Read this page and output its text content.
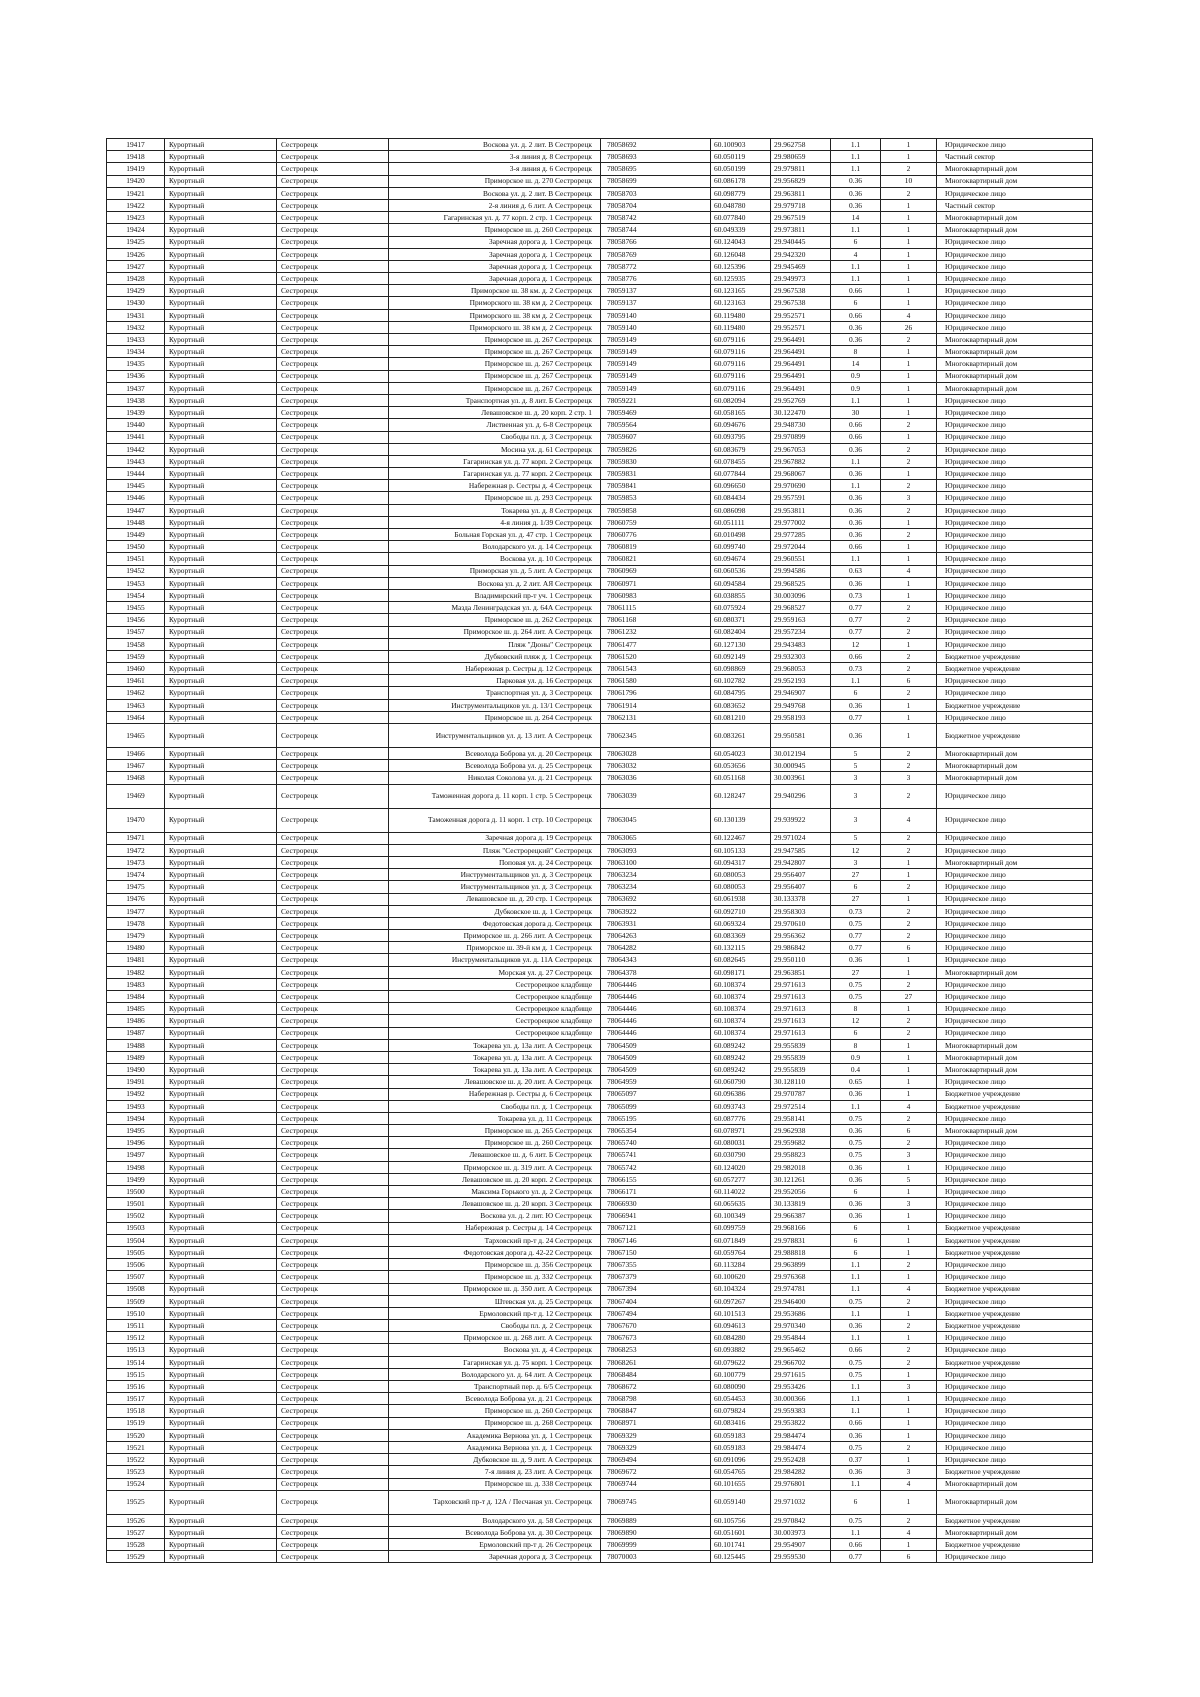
19417	Курортный	Сестрорецк	Воскова ул. д. 2 лит. В Сестрорецк	78058692	60.100903	29.962758	1.1	1	Юридическое лицо
19418	Курортный	Сестрорецк	3-я линия д. 8 Сестрорецк	78058693	60.050119	29.980659	1.1	1	Частный сектор
19419	Курортный	Сестрорецк	3-я линия д. 6 Сестрорецк	78058695	60.050199	29.979811	1.1	2	Многоквартирный дом
19420	Курортный	Сестрорецк	Приморское ш. д. 270 Сестрорецк	78058699	60.086178	29.956829	0.36	10	Многоквартирный дом
19421	Курортный	Сестрорецк	Воскова ул. д. 2 лит. В Сестрорецк	78058703	60.098779	29.963811	0.36	2	Юридическое лицо
19422	Курортный	Сестрорецк	2-я линия д. 6 лит. А Сестрорецк	78058704	60.048780	29.979718	0.36	1	Частный сектор
19423	Курортный	Сестрорецк	Гагаринская ул. д. 77 корп. 2 стр. 1 Сестрорецк	78058742	60.077840	29.967519	14	1	Многоквартирный дом
19424	Курортный	Сестрорецк	Приморское ш. д. 260 Сестрорецк	78058744	60.049339	29.973811	1.1	1	Многоквартирный дом
19425	Курортный	Сестрорецк	Заречная дорога д. 1 Сестрорецк	78058766	60.124043	29.940445	6	1	Юридическое лицо
19426	Курортный	Сестрорецк	Заречная дорога д. 1 Сестрорецк	78058769	60.126048	29.942320	4	1	Юридическое лицо
19427	Курортный	Сестрорецк	Заречная дорога д. 1 Сестрорецк	78058772	60.125396	29.945469	1.1	1	Юридическое лицо
19428	Курортный	Сестрорецк	Заречная дорога д. 1 Сестрорецк	78058776	60.125935	29.949973	1.1	1	Юридическое лицо
19429	Курортный	Сестрорецк	Приморское ш. 38 км. д. 2 Сестрорецк	78059137	60.123165	29.967538	0.66	1	Юридическое лицо
19430	Курортный	Сестрорецк	Приморского ш. 38 км д. 2 Сестрорецк	78059137	60.123163	29.967538	6	1	Юридическое лицо
19431	Курортный	Сестрорецк	Приморского ш. 38 км д. 2 Сестрорецк	78059140	60.119480	29.952571	0.66	4	Юридическое лицо
19432	Курортный	Сестрорецк	Приморского ш. 38 км д. 2 Сестрорецк	78059140	60.119480	29.952571	0.36	26	Юридическое лицо
19433	Курортный	Сестрорецк	Приморское ш. д. 267 Сестрорецк	78059149	60.079116	29.964491	0.36	2	Многоквартирный дом
19434	Курортный	Сестрорецк	Приморское ш. д. 267 Сестрорецк	78059149	60.079116	29.964491	8	1	Многоквартирный дом
19435	Курортный	Сестрорецк	Приморское ш. д. 267 Сестрорецк	78059149	60.079116	29.964491	14	1	Многоквартирный дом
19436	Курортный	Сестрорецк	Приморское ш. д. 267 Сестрорецк	78059149	60.079116	29.964491	0.9	1	Многоквартирный дом
19437	Курортный	Сестрорецк	Приморское ш. д. 267 Сестрорецк	78059149	60.079116	29.964491	0.9	1	Многоквартирный дом
19438	Курортный	Сестрорецк	Транспортная ул. д. 8 лит. Б Сестрорецк	78059221	60.082094	29.952769	1.1	1	Юридическое лицо
19439	Курортный	Сестрорецк	Левашовское ш. д. 20 корп. 2 стр. 1	78059469	60.058165	30.122470	30	1	Юридическое лицо
19440	Курортный	Сестрорецк	Лиственная ул. д. 6-8 Сестрорецк	78059564	60.094676	29.948730	0.66	2	Юридическое лицо
19441	Курортный	Сестрорецк	Свободы пл. д. 3 Сестрорецк	78059607	60.093795	29.970899	0.66	1	Юридическое лицо
19442	Курортный	Сестрорецк	Мосина ул. д. 61 Сестрорецк	78059826	60.083679	29.967053	0.36	2	Юридическое лицо
19443	Курортный	Сестрорецк	Гагаринская ул. д. 77 корп. 2 Сестрорецк	78059830	60.078455	29.967882	1.1	2	Юридическое лицо
19444	Курортный	Сестрорецк	Гагаринская ул. д. 77 корп. 2 Сестрорецк	78059831	60.077844	29.968067	0.36	1	Юридическое лицо
19445	Курортный	Сестрорецк	Набережная р. Сестры д. 4 Сестрорецк	78059841	60.096650	29.970690	1.1	2	Юридическое лицо
19446	Курортный	Сестрорецк	Приморское ш. д. 293 Сестрорецк	78059853	60.084434	29.957591	0.36	3	Юридическое лицо
19447	Курортный	Сестрорецк	Токарева ул. д. 8 Сестрорецк	78059858	60.086098	29.953811	0.36	2	Юридическое лицо
19448	Курортный	Сестрорецк	4-я линия д. 1/39 Сестрорецк	78060759	60.051111	29.977002	0.36	1	Юридическое лицо
19449	Курортный	Сестрорецк	Больная Горская ул. д. 47 стр. 1 Сестрорецк	78060776	60.010498	29.977285	0.36	2	Юридическое лицо
19450	Курортный	Сестрорецк	Володарского ул. д. 14 Сестрорецк	78060819	60.099740	29.972044	0.66	1	Юридическое лицо
19451	Курортный	Сестрорецк	Воскова ул. д. 10 Сестрорецк	78060821	60.094674	29.960551	1.1	1	Юридическое лицо
19452	Курортный	Сестрорецк	Приморская ул. д. 5 лит. А Сестрорецк	78060969	60.060536	29.994586	0.63	4	Юридическое лицо
19453	Курортный	Сестрорецк	Воскова ул. д. 2 лит. АЯ Сестрорецк	78060971	60.094584	29.968525	0.36	1	Юридическое лицо
19454	Курортный	Сестрорецк	Владимирский пр-т уч. 1 Сестрорецк	78060983	60.038855	30.003096	0.73	1	Юридическое лицо
19455	Курортный	Сестрорецк	Мазда Ленинградская ул. д. 64А Сестрорецк	78061115	60.075924	29.968527	0.77	2	Юридическое лицо
19456	Курортный	Сестрорецк	Приморское ш. д. 262 Сестрорецк	78061168	60.080371	29.959163	0.77	2	Юридическое лицо
19457	Курортный	Сестрорецк	Приморское ш. д. 264 лит. А Сестрорецк	78061232	60.082404	29.957234	0.77	2	Юридическое лицо
19458	Курортный	Сестрорецк	Пляж "Дюны" Сестрорецк	78061477	60.127130	29.943483	12	1	Юридическое лицо
19459	Курортный	Сестрорецк	Дубковский пляж д. 1 Сестрорецк	78061520	60.092149	29.932303	0.66	2	Бюджетное учреждение
19460	Курортный	Сестрорецк	Набережная р. Сестры д. 12 Сестрорецк	78061543	60.098869	29.968053	0.73	2	Бюджетное учреждение
19461	Курортный	Сестрорецк	Парковая ул. д. 16 Сестрорецк	78061580	60.102782	29.952193	1.1	6	Юридическое лицо
19462	Курортный	Сестрорецк	Транспортная ул. д. 3 Сестрорецк	78061796	60.084795	29.946907	6	2	Юридическое лицо
19463	Курортный	Сестрорецк	Инструментальщиков ул. д. 13/1 Сестрорецк	78061914	60.083652	29.949768	0.36	1	Бюджетное учреждение
19464	Курортный	Сестрорецк	Приморское ш. д. 264 Сестрорецк	78062131	60.081210	29.958193	0.77	1	Юридическое лицо
19465	Курортный	Сестрорецк	Инструментальщиков ул. д. 13 лит. А Сестрорецк	78062345	60.083261	29.950581	0.36	1	Бюджетное учреждение
19466	Курортный	Сестрорецк	Всеволода Боброва ул. д. 20 Сестрорецк	78063028	60.054023	30.012194	5	2	Многоквартирный дом
19467	Курортный	Сестрорецк	Всеволода Боброва ул. д. 25 Сестрорецк	78063032	60.053656	30.000945	5	2	Многоквартирный дом
19468	Курортный	Сестрорецк	Николая Соколова ул. д. 21 Сестрорецк	78063036	60.051168	30.003961	3	3	Многоквартирный дом
19469	Курортный	Сестрорецк	Таможенная дорога д. 11 корп. 1 стр. 5 Сестрорецк	78063039	60.128247	29.940296	3	2	Юридическое лицо
19470	Курортный	Сестрорецк	Таможенная дорога д. 11 корп. 1 стр. 10 Сестрорецк	78063045	60.130139	29.939922	3	4	Юридическое лицо
19471	Курортный	Сестрорецк	Заречная дорога д. 19 Сестрорецк	78063065	60.122467	29.971024	5	2	Юридическое лицо
19472	Курортный	Сестрорецк	Пляж "Сестрорецкий" Сестрорецк	78063093	60.105133	29.947585	12	2	Юридическое лицо
19473	Курортный	Сестрорецк	Поповая ул. д. 24 Сестрорецк	78063100	60.094317	29.942807	3	1	Многоквартирный дом
19474	Курортный	Сестрорецк	Инструментальщиков ул. д. 3 Сестрорецк	78063234	60.080053	29.956407	27	1	Юридическое лицо
19475	Курортный	Сестрорецк	Инструментальщиков ул. д. 3 Сестрорецк	78063234	60.080053	29.956407	6	2	Юридическое лицо
19476	Курортный	Сестрорецк	Левашовское ш. д. 20 стр. 1 Сестрорецк	78063692	60.061938	30.133378	27	1	Юридическое лицо
19477	Курортный	Сестрорецк	Дубковское ш. д. 1 Сестрорецк	78063922	60.092710	29.958303	0.73	2	Юридическое лицо
19478	Курортный	Сестрорецк	Федотовская дорога д. Сестрорецк	78063931	60.069324	29.970610	0.75	2	Юридическое лицо
19479	Курортный	Сестрорецк	Приморское ш. д. 266 лит. А Сестрорецк	78064263	60.083369	29.956362	0.77	2	Юридическое лицо
19480	Курортный	Сестрорецк	Приморское ш. 39-й км д. 1 Сестрорецк	78064282	60.132115	29.986842	0.77	6	Юридическое лицо
19481	Курортный	Сестрорецк	Инструментальщиков ул. д. 11А Сестрорецк	78064343	60.082645	29.950110	0.36	1	Юридическое лицо
19482	Курортный	Сестрорецк	Морская ул. д. 27 Сестрорецк	78064378	60.098171	29.963851	27	1	Многоквартирный дом
19483	Курортный	Сестрорецк	Сестрорецкое кладбище	78064446	60.108374	29.971613	0.75	2	Юридическое лицо
19484	Курортный	Сестрорецк	Сестрорецкое кладбище	78064446	60.108374	29.971613	0.75	27	Юридическое лицо
19485	Курортный	Сестрорецк	Сестрорецкое кладбище	78064446	60.108374	29.971613	8	1	Юридическое лицо
19486	Курортный	Сестрорецк	Сестрорецкое кладбище	78064446	60.108374	29.971613	12	2	Юридическое лицо
19487	Курортный	Сестрорецк	Сестрорецкое кладбище	78064446	60.108374	29.971613	6	2	Юридическое лицо
19488	Курортный	Сестрорецк	Токарева ул. д. 13а лит. А Сестрорецк	78064509	60.089242	29.955839	8	1	Многоквартирный дом
19489	Курортный	Сестрорецк	Токарева ул. д. 13а лит. А Сестрорецк	78064509	60.089242	29.955839	0.9	1	Многоквартирный дом
19490	Курортный	Сестрорецк	Токарева ул. д. 13а лит. А Сестрорецк	78064509	60.089242	29.955839	0.4	1	Многоквартирный дом
19491	Курортный	Сестрорецк	Левашовское ш. д. 20 лит. А Сестрорецк	78064959	60.060790	30.128110	0.65	1	Юридическое лицо
19492	Курортный	Сестрорецк	Набережная р. Сестры д. 6 Сестрорецк	78065097	60.096386	29.970787	0.36	1	Бюджетное учреждение
19493	Курортный	Сестрорецк	Свободы пл. д. 1 Сестрорецк	78065099	60.093743	29.972514	1.1	4	Бюджетное учреждение
19494	Курортный	Сестрорецк	Токарева ул. д. 11 Сестрорецк	78065195	60.087776	29.958141	0.75	2	Юридическое лицо
19495	Курортный	Сестрорецк	Приморское ш. д. 265 Сестрорецк	78065354	60.078971	29.962938	0.36	6	Многоквартирный дом
19496	Курортный	Сестрорецк	Приморское ш. д. 260 Сестрорецк	78065740	60.080031	29.959682	0.75	2	Юридическое лицо
19497	Курортный	Сестрорецк	Левашовское ш. д. 6 лит. Б Сестрорецк	78065741	60.030790	29.958823	0.75	3	Юридическое лицо
19498	Курортный	Сестрорецк	Приморское ш. д. 319 лит. А Сестрорецк	78065742	60.124020	29.982018	0.36	1	Юридическое лицо
19499	Курортный	Сестрорецк	Левашовское ш. д. 20 корп. 2 Сестрорецк	78066155	60.057277	30.121261	0.36	5	Юридическое лицо
19500	Курортный	Сестрорецк	Максима Горького ул. д. 2 Сестрорецк	78066171	60.114022	29.952056	6	1	Юридическое лицо
19501	Курортный	Сестрорецк	Левашовское ш. д. 20 корп. 3 Сестрорецк	78066930	60.065635	30.133819	0.36	3	Юридическое лицо
19502	Курортный	Сестрорецк	Воскова ул. д. 2 лит. Ю Сестрорецк	78066941	60.100349	29.966387	0.36	1	Юридическое лицо
19503	Курортный	Сестрорецк	Набережная р. Сестры д. 14 Сестрорецк	78067121	60.099759	29.968166	6	1	Бюджетное учреждение
19504	Курортный	Сестрорецк	Тарховский пр-т д. 24 Сестрорецк	78067146	60.071849	29.978831	6	1	Бюджетное учреждение
19505	Курортный	Сестрорецк	Федотовская дорога д. 42-22 Сестрорецк	78067150	60.059764	29.988818	6	1	Бюджетное учреждение
19506	Курортный	Сестрорецк	Приморское ш. д. 356 Сестрорецк	78067355	60.113284	29.963899	1.1	2	Юридическое лицо
19507	Курортный	Сестрорецк	Приморское ш. д. 332 Сестрорецк	78067379	60.100620	29.976368	1.1	1	Юридическое лицо
19508	Курортный	Сестрорецк	Приморское ш. д. 350 лит. А Сестрорецк	78067394	60.104324	29.974781	1.1	4	Бюджетное учреждение
19509	Курортный	Сестрорецк	Штевская ул. д. 25 Сестрорецк	78067404	60.097267	29.946400	0.75	2	Юридическое лицо
19510	Курортный	Сестрорецк	Ермоловский пр-т д. 12 Сестрорецк	78067494	60.101513	29.953686	1.1	1	Бюджетное учреждение
19511	Курортный	Сестрорецк	Свободы пл. д. 2 Сестрорецк	78067670	60.094613	29.970340	0.36	2	Бюджетное учреждение
19512	Курортный	Сестрорецк	Приморское ш. д. 268 лит. А Сестрорецк	78067673	60.084280	29.954844	1.1	1	Юридическое лицо
19513	Курортный	Сестрорецк	Воскова ул. д. 4 Сестрорецк	78068253	60.093882	29.965462	0.66	2	Юридическое лицо
19514	Курортный	Сестрорецк	Гагаринская ул. д. 75 корп. 1 Сестрорецк	78068261	60.079622	29.966702	0.75	2	Бюджетное учреждение
19515	Курортный	Сестрорецк	Володарского ул. д. 64 лит. А Сестрорецк	78068484	60.100779	29.971615	0.75	1	Юридическое лицо
19516	Курортный	Сестрорецк	Транспортный пер. д. 6/5 Сестрорецк	78068672	60.080090	29.953426	1.1	3	Юридическое лицо
19517	Курортный	Сестрорецк	Всеволода Боброва ул. д. 21 Сестрорецк	78068798	60.054453	30.000366	1.1	1	Юридическое лицо
19518	Курортный	Сестрорецк	Приморское ш. д. 260 Сестрорецк	78068847	60.079824	29.959383	1.1	1	Юридическое лицо
19519	Курортный	Сестрорецк	Приморское ш. д. 268 Сестрорецк	78068971	60.083416	29.953822	0.66	1	Юридическое лицо
19520	Курортный	Сестрорецк	Академика Вернова ул. д. 1 Сестрорецк	78069329	60.059183	29.984474	0.36	1	Юридическое лицо
19521	Курортный	Сестрорецк	Академика Вернова ул. д. 1 Сестрорецк	78069329	60.059183	29.984474	0.75	2	Юридическое лицо
19522	Курортный	Сестрорецк	Дубковское ш. д. 9 лит. А Сестрорецк	78069494	60.091096	29.952428	0.37	1	Юридическое лицо
19523	Курортный	Сестрорецк	7-я линия д. 23 лит. А Сестрорецк	78069672	60.054765	29.984282	0.36	3	Бюджетное учреждение
19524	Курортный	Сестрорецк	Приморское ш. д. 338 Сестрорецк	78069744	60.101655	29.976801	1.1	4	Многоквартирный дом
19525	Курортный	Сестрорецк	Тарховский пр-т д. 12А / Песчаная ул. Сестрорецк	78069745	60.059140	29.971032	6	1	Многоквартирный дом
19526	Курортный	Сестрорецк	Володарского ул. д. 58 Сестрорецк	78069889	60.105756	29.970842	0.75	2	Бюджетное учреждение
19527	Курортный	Сестрорецк	Всеволода Боброва ул. д. 30 Сестрорецк	78069890	60.051601	30.003973	1.1	4	Многоквартирный дом
19528	Курортный	Сестрорецк	Ермоловский пр-т д. 26 Сестрорецк	78069999	60.101741	29.954907	0.66	1	Бюджетное учреждение
19529	Курортный	Сестрорецк	Заречная дорога д. 3 Сестрорецк	78070003	60.125445	29.959530	0.77	6	Юридическое лицо
